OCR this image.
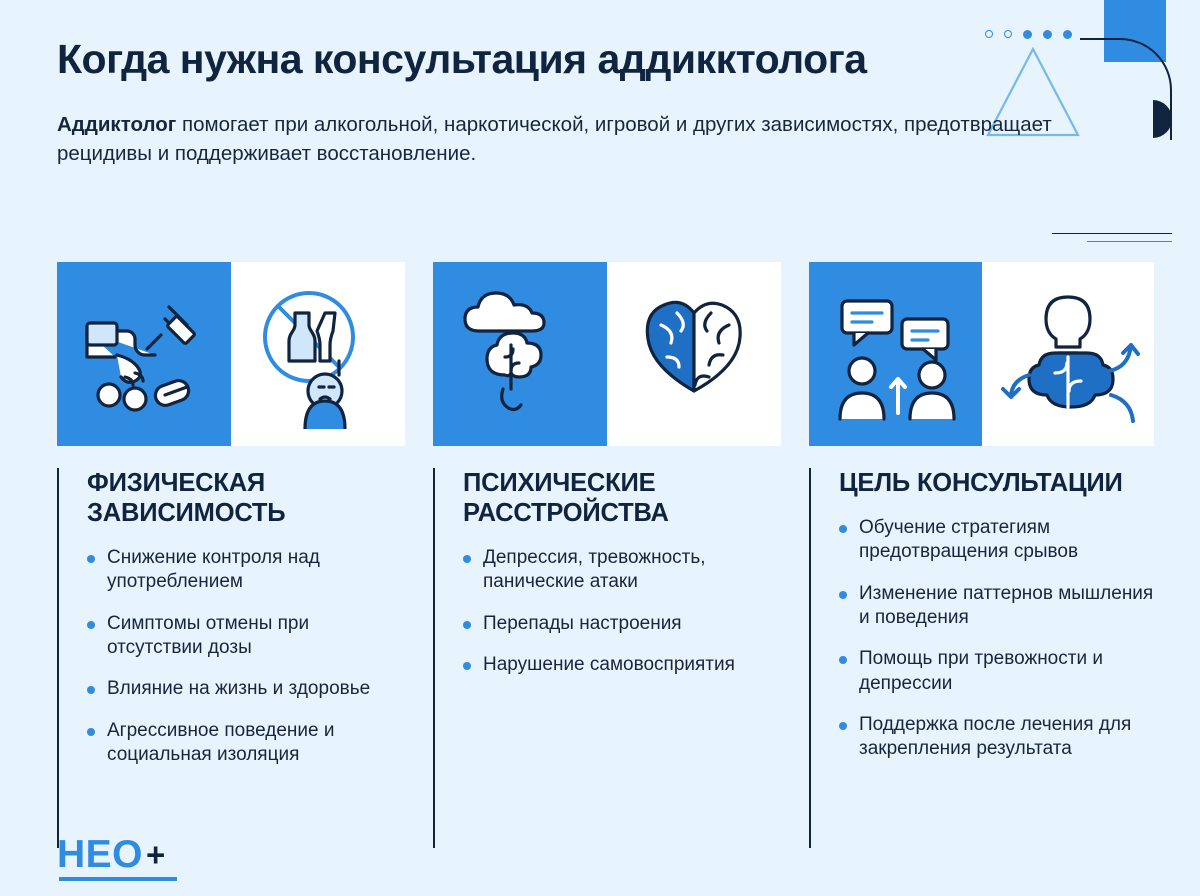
Когда нужна консультация аддикктолога
Аддиктолог помогает при алкогольной, наркотической, игровой и других зависимостях, предотвращает рецидивы и поддерживает восстановление.
ФИЗИЧЕСКАЯ ЗАВИСИМОСТЬ
Снижение контроля над употреблением
Симптомы отмены при отсутствии дозы
Влияние на жизнь и здоровье
Агрессивное поведение и социальная изоляция
ПСИХИЧЕСКИЕ РАССТРОЙСТВА
Депрессия, тревожность, панические атаки
Перепады настроения
Нарушение самовосприятия
ЦЕЛЬ КОНСУЛЬТАЦИИ
Обучение стратегиям предотвращения срывов
Изменение паттернов мышления и поведения
Помощь при тревожности и депрессии
Поддержка после лечения для закрепления результата
НЕО +
